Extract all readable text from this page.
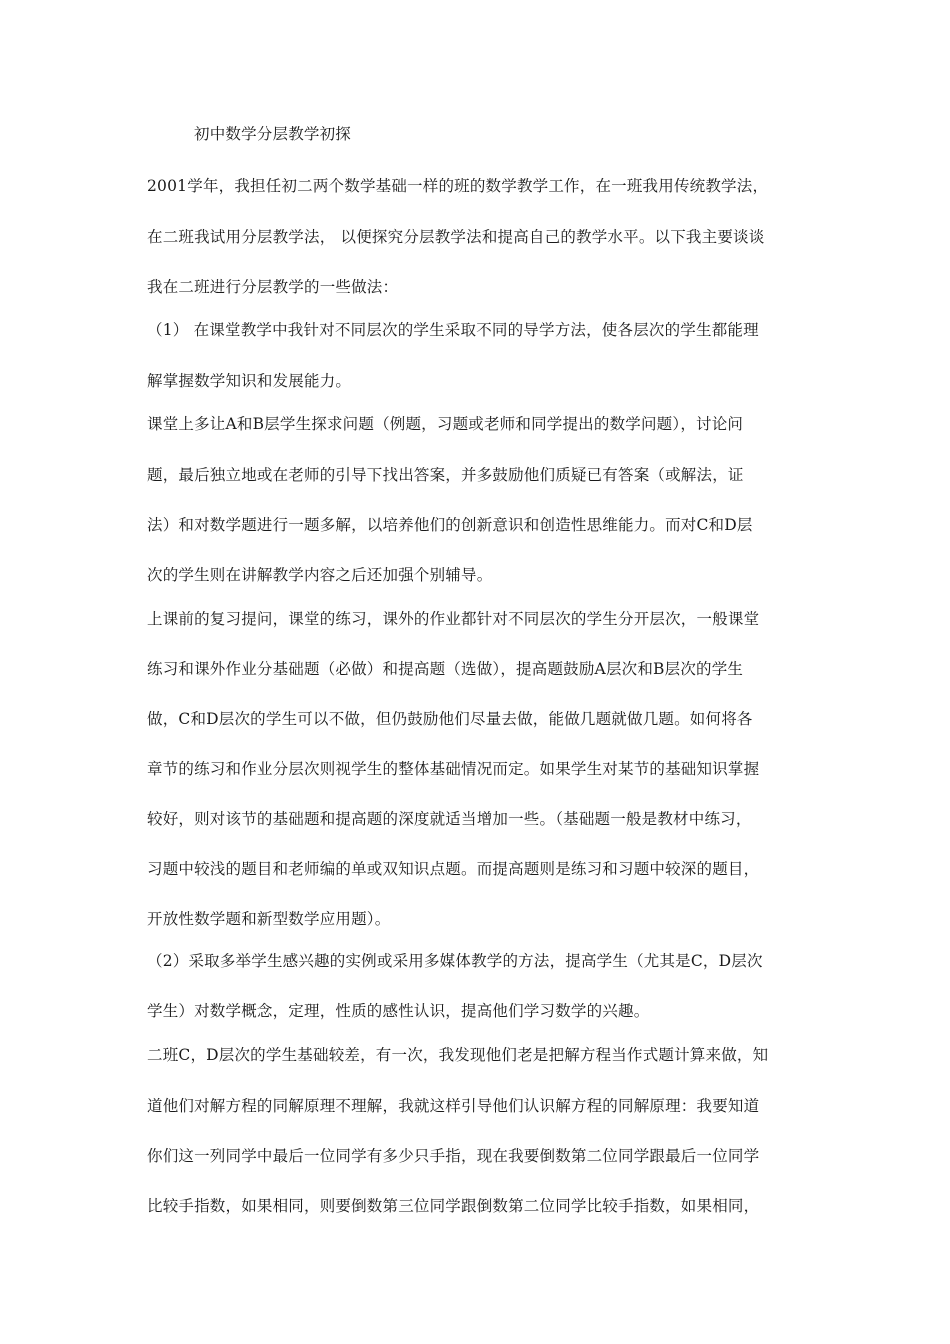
初中数学分层教学初探
2001学年，我担任初二两个数学基础一样的班的数学教学工作，在一班我用传统教学法，
在二班我试用分层教学法， 以便探究分层教学法和提高自己的教学水平。以下我主要谈谈
我在二班进行分层教学的一些做法：
（1） 在课堂教学中我针对不同层次的学生采取不同的导学方法，使各层次的学生都能理
解掌握数学知识和发展能力。
课堂上多让A和B层学生探求问题（例题，习题或老师和同学提出的数学问题），讨论问
题，最后独立地或在老师的引导下找出答案，并多鼓励他们质疑已有答案（或解法，证
法）和对数学题进行一题多解，以培养他们的创新意识和创造性思维能力。而对C和D层
次的学生则在讲解教学内容之后还加强个别辅导。
上课前的复习提问，课堂的练习，课外的作业都针对不同层次的学生分开层次，一般课堂
练习和课外作业分基础题（必做）和提高题（选做），提高题鼓励A层次和B层次的学生
做，C和D层次的学生可以不做，但仍鼓励他们尽量去做，能做几题就做几题。如何将各
章节的练习和作业分层次则视学生的整体基础情况而定。如果学生对某节的基础知识掌握
较好，则对该节的基础题和提高题的深度就适当增加一些。（基础题一般是教材中练习，
习题中较浅的题目和老师编的单或双知识点题。而提高题则是练习和习题中较深的题目，
开放性数学题和新型数学应用题）。
（2）采取多举学生感兴趣的实例或采用多媒体教学的方法，提高学生（尤其是C，D层次
学生）对数学概念，定理，性质的感性认识，提高他们学习数学的兴趣。
二班C，D层次的学生基础较差，有一次，我发现他们老是把解方程当作式题计算来做，知
道他们对解方程的同解原理不理解，我就这样引导他们认识解方程的同解原理：我要知道
你们这一列同学中最后一位同学有多少只手指，现在我要倒数第二位同学跟最后一位同学
比较手指数，如果相同，则要倒数第三位同学跟倒数第二位同学比较手指数，如果相同，
